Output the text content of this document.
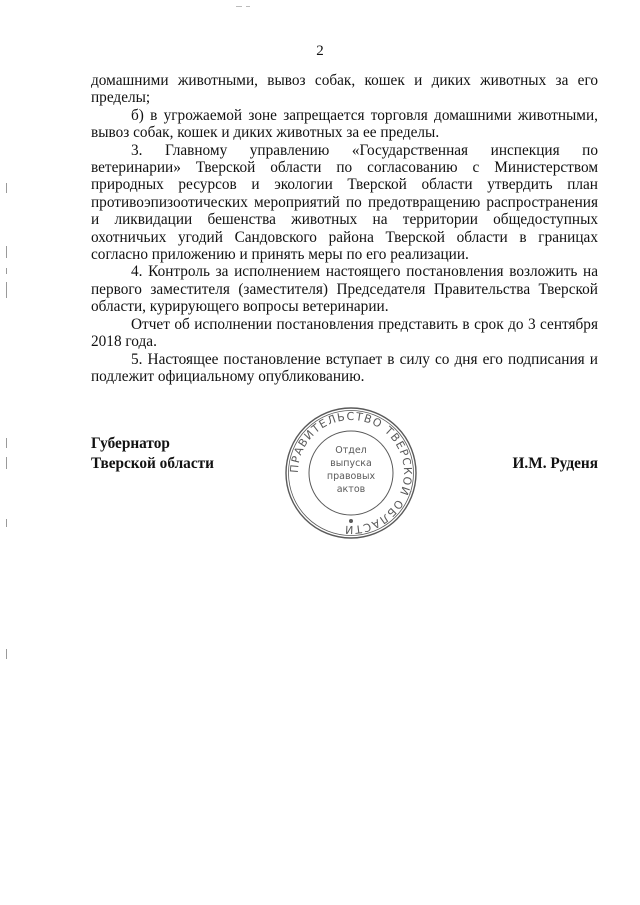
2

домашними животными, вывоз собак, кошек и диких животных за его пределы;

б) в угрожаемой зоне запрещается торговля домашними животными, вывоз собак, кошек и диких животных за ее пределы.

3. Главному управлению «Государственная инспекция по ветеринарии» Тверской области по согласованию с Министерством природных ресурсов и экологии Тверской области утвердить план противоэпизоотических мероприятий по предотвращению распространения и ликвидации бешенства животных на территории общедоступных охотничьих угодий Сандовского района Тверской области в границах согласно приложению и принять меры по его реализации.

4. Контроль за исполнением настоящего постановления возложить на первого заместителя (заместителя) Председателя Правительства Тверской области, курирующего вопросы ветеринарии.

Отчет об исполнении постановления представить в срок до 3 сентября 2018 года.

5. Настоящее постановление вступает в силу со дня его подписания и подлежит официальному опубликованию.

Губернатор
Тверской области	И.М. Руденя
ПРАВИТЕЛЬСТВО ТВЕРСКОЙ ОБЛАСТИ
Отдел
выпуска
правовых
актов
